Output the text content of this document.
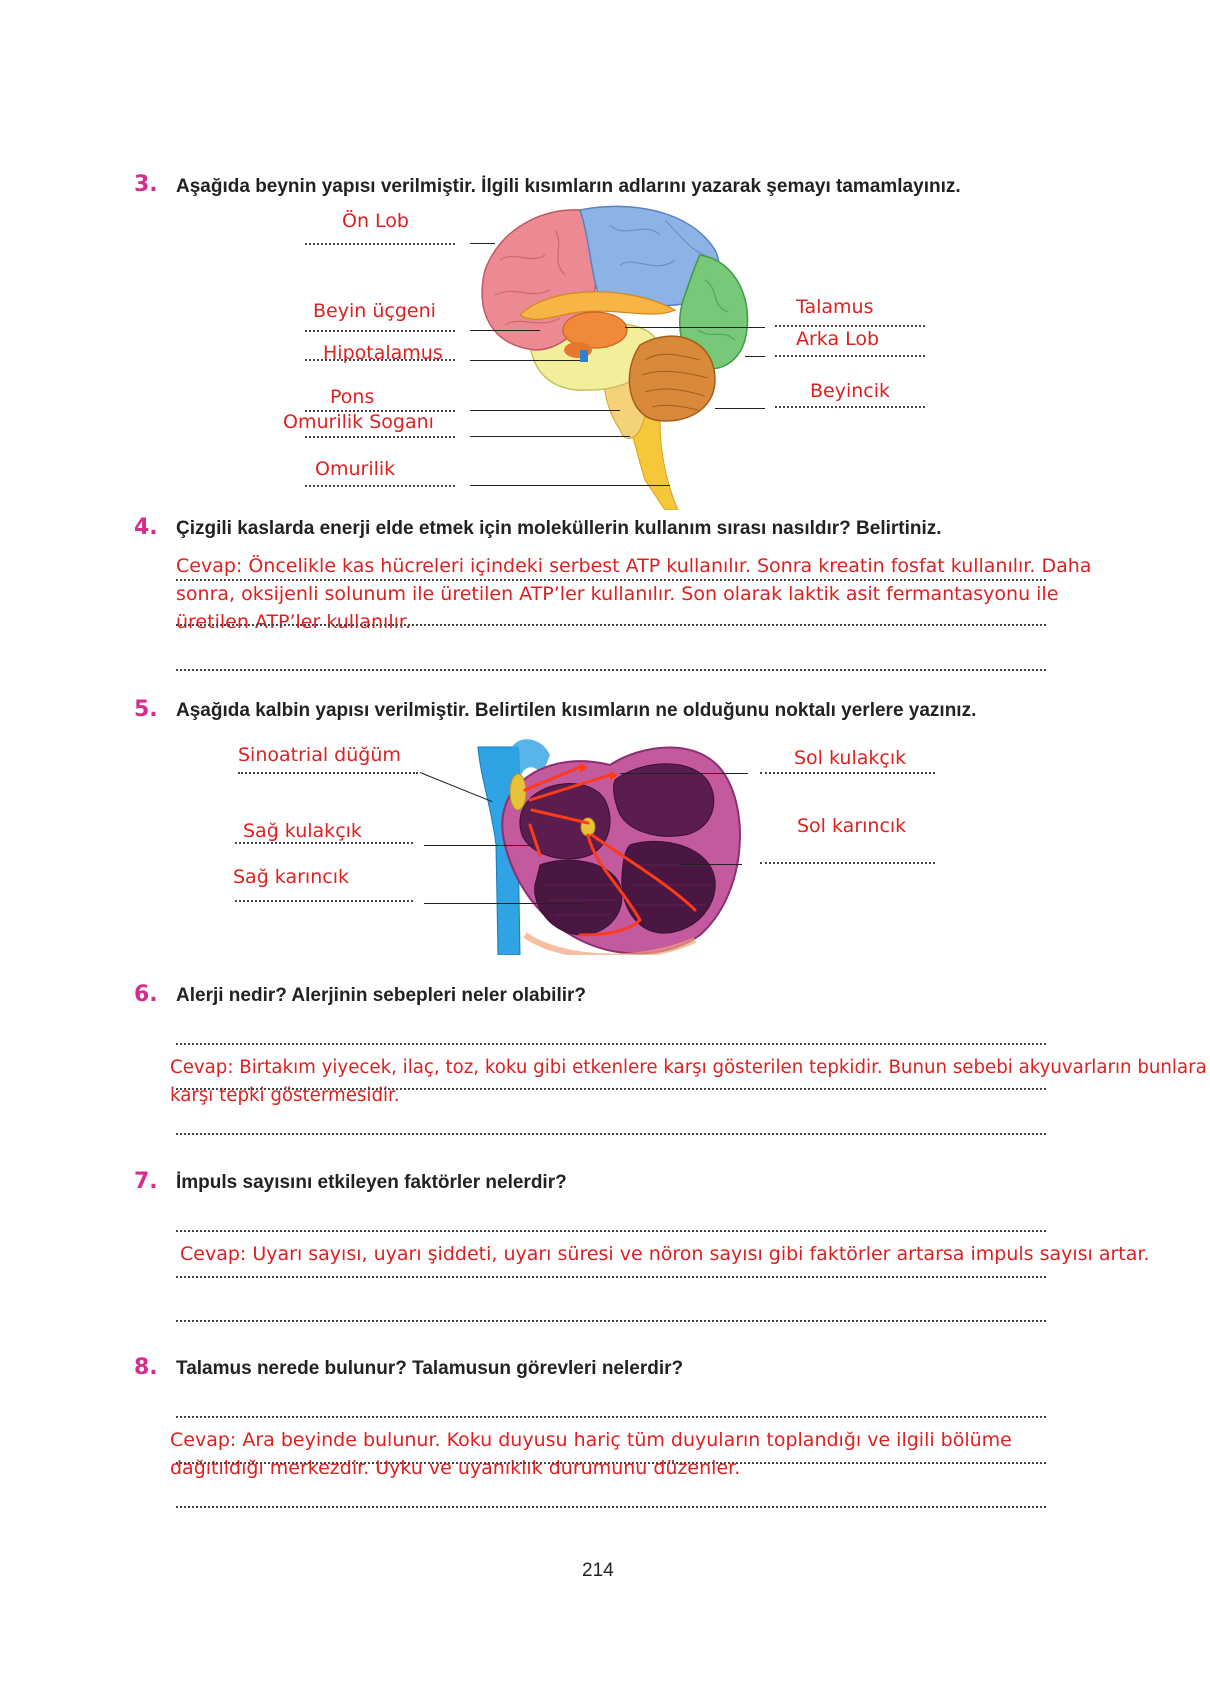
3. Aşağıda beynin yapısı verilmiştir. İlgili kısımların adlarını yazarak şemayı tamamlayınız.
Ön Lob
Beyin üçgeni
Hipotalamus
Pons
Omurilik Soganı
Omurilik
Talamus
Arka Lob
Beyincik
4. Çizgili kaslarda enerji elde etmek için moleküllerin kullanım sırası nasıldır? Belirtiniz.
Cevap: Öncelikle kas hücreleri içindeki serbest ATP kullanılır. Sonra kreatin fosfat kullanılır. Daha
sonra, oksijenli solunum ile üretilen ATP’ler kullanılır. Son olarak laktik asit fermantasyonu ile
üretilen ATP’ler kullanılır.
5. Aşağıda kalbin yapısı verilmiştir. Belirtilen kısımların ne olduğunu noktalı yerlere yazınız.
Sinoatrial düğüm
Sağ kulakçık
Sağ karıncık
Sol kulakçık
Sol karıncık
6. Alerji nedir? Alerjinin sebepleri neler olabilir?
Cevap: Birtakım yiyecek, ilaç, toz, koku gibi etkenlere karşı gösterilen tepkidir. Bunun sebebi akyuvarların bunlara
karşı tepki göstermesidir.
7. İmpuls sayısını etkileyen faktörler nelerdir?
Cevap: Uyarı sayısı, uyarı şiddeti, uyarı süresi ve nöron sayısı gibi faktörler artarsa impuls sayısı artar.
8. Talamus nerede bulunur? Talamusun görevleri nelerdir?
Cevap: Ara beyinde bulunur. Koku duyusu hariç tüm duyuların toplandığı ve ilgili bölüme
dağıtıldığı merkezdir. Uyku ve uyanıklık durumunu düzenler.
214
